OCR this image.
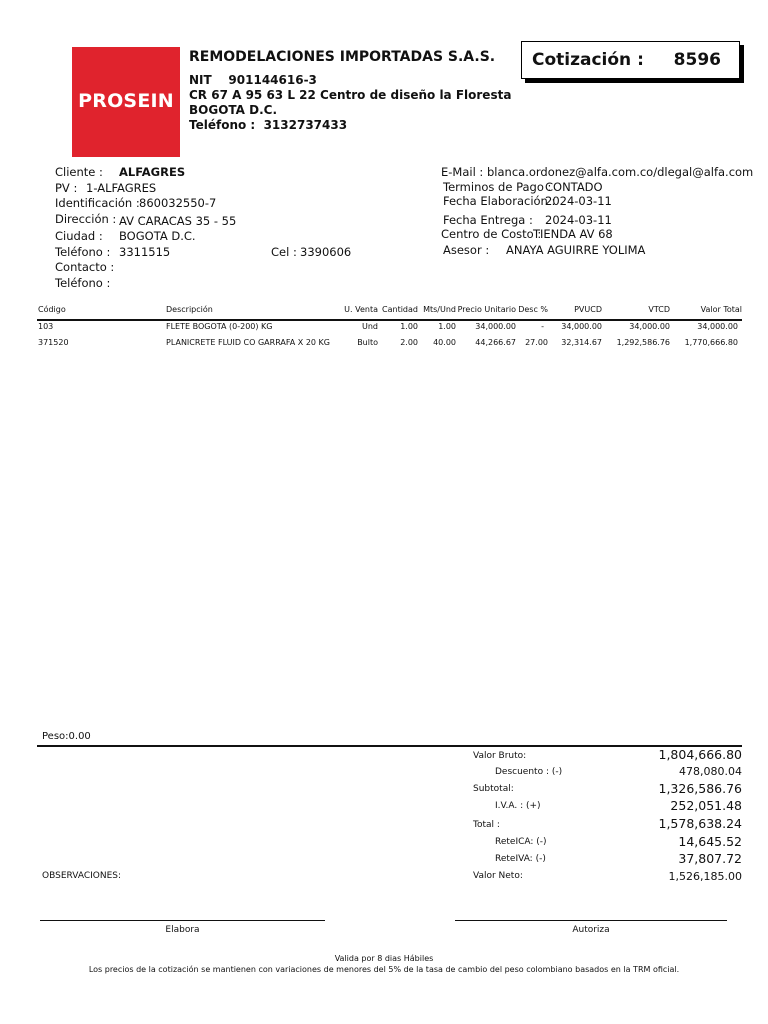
PROSEIN
REMODELACIONES IMPORTADAS S.A.S.
NIT 901144616-3
CR 67 A 95 63 L 22 Centro de diseño la Floresta
BOGOTA D.C.
Teléfono : 3132737433
Cotización : 8596
Cliente : ALFAGRES
PV : 1-ALFAGRES
Identificación : 860032550-7
Dirección : AV CARACAS 35 - 55
Ciudad : BOGOTA D.C.
Teléfono : 3311515	Cel : 3390606
Contacto :
Teléfono :
E-Mail : blanca.ordonez@alfa.com.co/dlegal@alfa.com
Terminos de Pago :
CONTADO
Fecha Elaboración :
2024-03-11
Fecha Entrega : 2024-03-11
Centro de Costo :
TIENDA AV 68
Asesor : ANAYA AGUIRRE YOLIMA
Código	Descripción	U. Venta Cantidad Mts/Und Precio Unitario Desc %	PVUCD	VTCD	Valor Total
103	FLETE BOGOTA (0-200) KG	Und	1.00	1.00	34,000.00	-	34,000.00	34,000.00	34,000.00
371520	PLANICRETE FLUID CO GARRAFA X 20 KG	Bulto	2.00	40.00	44,266.67	27.00	32,314.67	1,292,586.76	1,770,666.80
Peso:0.00
Valor Bruto:	1,804,666.80
Descuento : (-)	478,080.04
Subtotal:	1,326,586.76
I.V.A. : (+)	252,051.48
Total :	1,578,638.24
ReteICA: (-)	14,645.52
ReteIVA: (-)	37,807.72
Valor Neto:	1,526,185.00
OBSERVACIONES:
Elabora	Autoriza
Valida por 8 dias Hábiles
Los precios de la cotización se mantienen con variaciones de menores del 5% de la tasa de cambio del peso colombiano basados en la TRM oficial.
